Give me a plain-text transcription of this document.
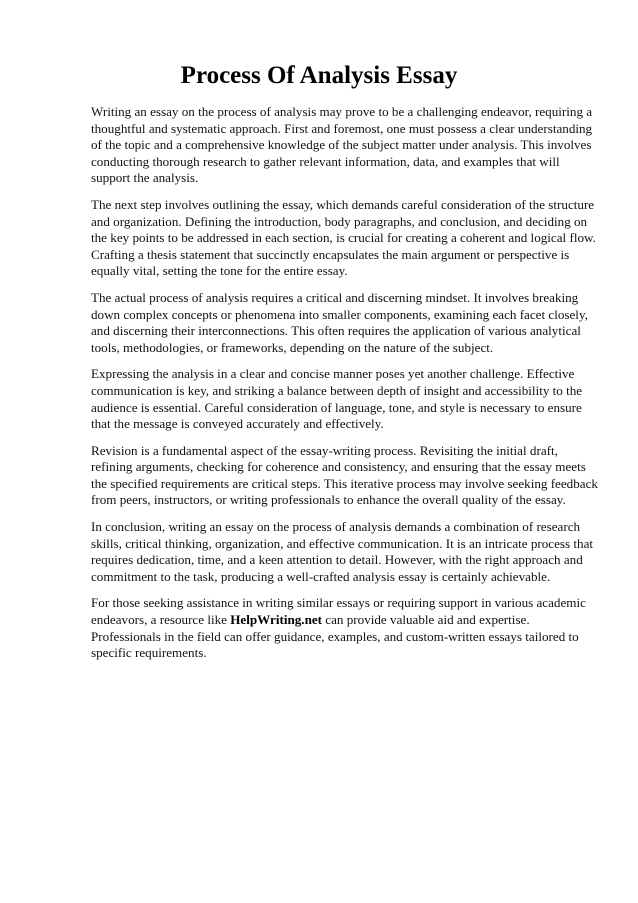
Process Of Analysis Essay

Writing an essay on the process of analysis may prove to be a challenging endeavor, requiring a thoughtful and systematic approach. First and foremost, one must possess a clear understanding of the topic and a comprehensive knowledge of the subject matter under analysis. This involves conducting thorough research to gather relevant information, data, and examples that will support the analysis.

The next step involves outlining the essay, which demands careful consideration of the structure and organization. Defining the introduction, body paragraphs, and conclusion, and deciding on the key points to be addressed in each section, is crucial for creating a coherent and logical flow. Crafting a thesis statement that succinctly encapsulates the main argument or perspective is equally vital, setting the tone for the entire essay.

The actual process of analysis requires a critical and discerning mindset. It involves breaking down complex concepts or phenomena into smaller components, examining each facet closely, and discerning their interconnections. This often requires the application of various analytical tools, methodologies, or frameworks, depending on the nature of the subject.

Expressing the analysis in a clear and concise manner poses yet another challenge. Effective communication is key, and striking a balance between depth of insight and accessibility to the audience is essential. Careful consideration of language, tone, and style is necessary to ensure that the message is conveyed accurately and effectively.

Revision is a fundamental aspect of the essay-writing process. Revisiting the initial draft, refining arguments, checking for coherence and consistency, and ensuring that the essay meets the specified requirements are critical steps. This iterative process may involve seeking feedback from peers, instructors, or writing professionals to enhance the overall quality of the essay.

In conclusion, writing an essay on the process of analysis demands a combination of research skills, critical thinking, organization, and effective communication. It is an intricate process that requires dedication, time, and a keen attention to detail. However, with the right approach and commitment to the task, producing a well-crafted analysis essay is certainly achievable.

For those seeking assistance in writing similar essays or requiring support in various academic endeavors, a resource like HelpWriting.net can provide valuable aid and expertise. Professionals in the field can offer guidance, examples, and custom-written essays tailored to specific requirements.
